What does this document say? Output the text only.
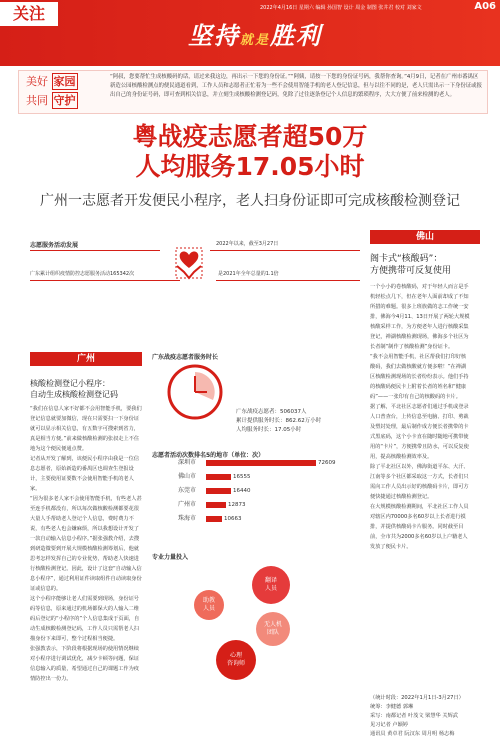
关注
坚持就是胜利
2022年4月16日 星期六 编辑 孙国智 设计 周金 制图 张井君 校对 刘家文	A06
美好 家园
共同 守护
“阿叔，您要帮忙生成核酸码的话，请过来我这边，再出示一下您的身份证。”“阿姨，请按一下您的身份证号码，我帮你查询。”4月9日，记者在广州市番禺区新造公园核酸检测点的便民通道看到，工作人员和志愿者正忙着为一些不会使用智能手机的老人登记信息，但与以往不同的是，老人只需出示一下身份证或报出自己的身份证号码，即可查到相关信息，并立刻生成核酸检测登记码，免除了过往逐条登记个人信息的繁琐程序，大大方便了前来检测的老人。
粤战疫志愿者超50万
人均服务17.05小时
广州一志愿者开发便民小程序，老人扫身份证即可完成核酸检测登记
志愿服务活动发展	2022年以来，截至3月27日
广东累计组织疫情防控志愿服务活动165342次	是2021年全年总量的1.1倍
广州
核酸检测登记小程序：
自动生成核酸检测登记码
“我们在信息人家不好都不会用智能手机，要我们登记信息就要加微信，现在只需要扫一下身份证就可以显示相关信息，有五数字可搜索到省力，真是相当方便。”前来做核酸检测的张叔走上不住地为这个便民便通点赞。
记者从开发了解到，该便民小程序由我是一位信息志愿者，原始新造的番禺区也调查生登报设计，主要使用证要数不会使用智能手机的老人家。
“因为很多老人家不会使用智能手机，有些老人甚至连手机都没有，所以每次做核酸检测都要花很大量人手帮助老人登记个人信息，费时费力不说，有些老人也会嫌麻烦，所以我想设计开发了一款自动输入信息小程序。”据张强教介绍，去搜到研造微要到开展大规模核酸检测筹划后，他就思考怎样发挥自己的专业优势，帮助老人快速进行核酸检测登记。因此，设计了这套“自动输入信息小程序”，通过利用证件读取组件自动读取身份证或信息的。
这个小程序能够让老人们需要到现场，身份证号码等信息，原来通过的机场都保大的人输入二维码后登记的“小程序的”个人信息集成于页面，自动生成核酸检测登记码，工作人员只需帮老人扫描身份下来即可，整个过程相当便捷。
张强教表示，下阶段将根据现场的使用情况继续对小程序进行调试优化，减少卡顿等问题，保证信息输入的质量，希望通过自己的课题工作为疫情防控出一份力。
广东战疫志愿者服务时长
广东战疫志愿者：506037人
累计提供服务时长：862.62万小时
人均服务时长：17.05小时
志愿者活动次数排名5的地市（单位：次）
深圳市	72609
佛山市	16555
东莞市	16440
广州市	12873
珠海市	10663
专业力量投入
翻译
人员
助教
人员
无人机
团队
心理
咨询师
佛山
阁卡式“核酸码”：
方便携带可反复使用
一个小小的卷核酸码，对于年轻人而言是手机轻松点几下，但在老年人面前却成了不知所措的难题。很多上班族做的志工作统一安排，佛海今4月11、13日开展了两轮大规模核酸采样工作，为方便老年人进行核酸采集登记，禅湖核酸检测现场，佛海多个社区为长者制“制作了核酸检测”身份证卡。
“我不会用智能手机，社区帮我们打印好核酸码，我们去做核酸就方便多啦！”在禅湖区核酸检测现场的长者纷纷表示。他们手持的核酸码便民卡上附着长者的姓名和“健康码”——一张印有自己的核酸码的卡片。
据了解，平北社区志愿者们通过手机或登录人口普查台，上传信息至电脑、打印、剪裁及塑封处理，最后制作成方便长者携带的卡式黑底码，这个小卡直在随时随地可携带使用的“卡片”，方便携带且防水，可以反复使用，提高核酸检测效率及。
除了平北社区以外，佛海街道平东、大汗、江南等多个社区都采取这一方式，长者们只需向工作人员出示好的核酸码卡片，即可方便快捷通过核酸检测登记。
在大规模核酸检测期间，平北社区工作人员对辖区内70000多名60岁以上长者进行摸排，并提供核酸码卡片服务。同时截至目前，全市共为2000多名60岁以上户籍老人发放了便民卡片。
（统计时段：2022年1月1日-3月27日）
统筹：李健德 郭琳
采写：南都记者 叶茂文 梁慧华 关辉武
见习记者 卢颖婷
通讯员 黄卓君 阮汉东 周月明 杨志梅
